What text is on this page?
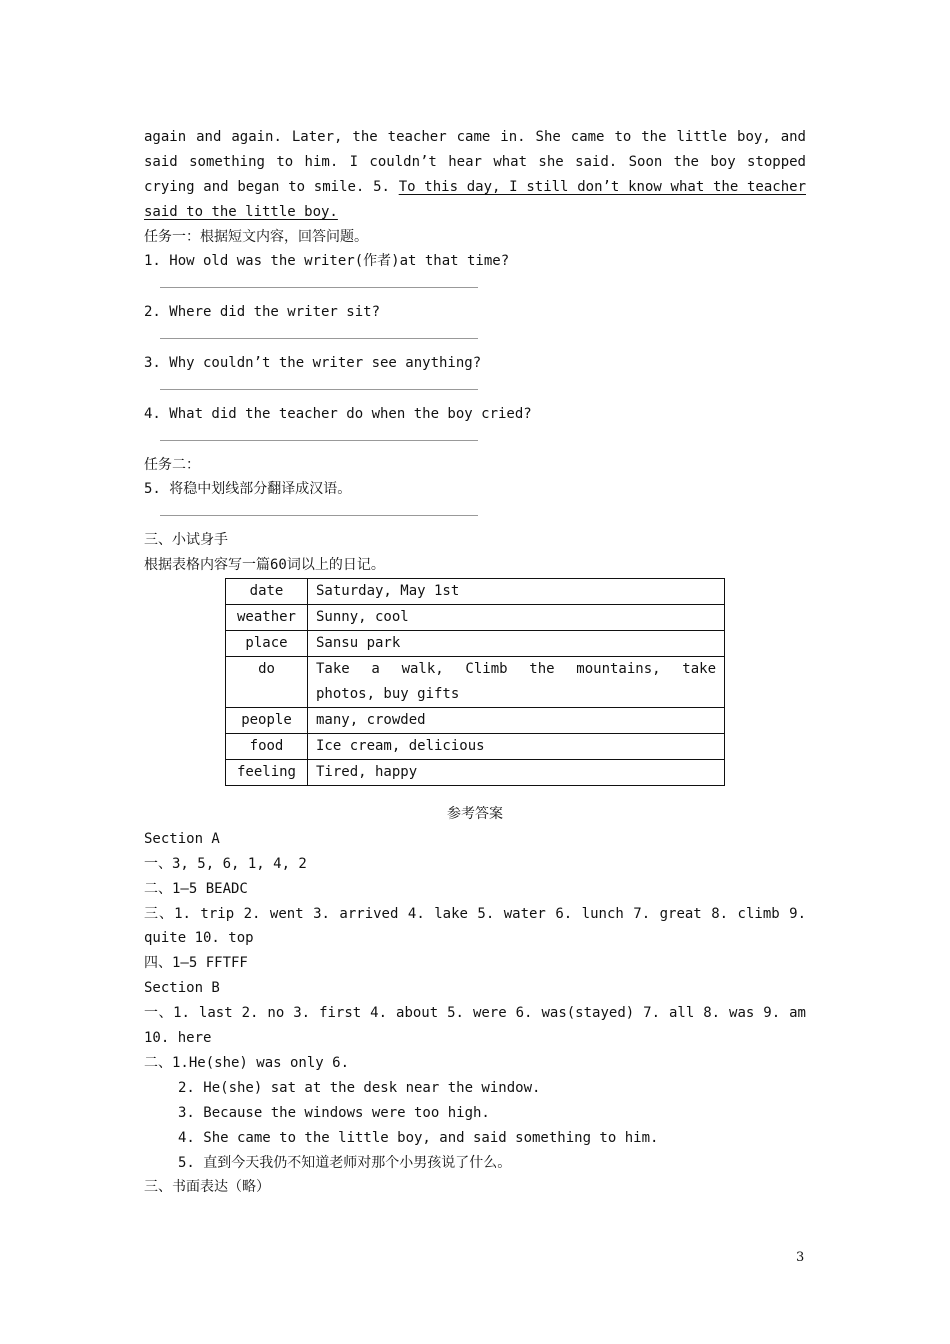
again and again. Later, the teacher came in. She came to the little boy, and
said something to him. I couldn’t hear what she said. Soon the boy stopped
crying and began to smile. 5. To this day, I still don’t know what the teacher
said to the little boy.
任务一：根据短文内容，回答问题。
1. How old was the writer(作者)at that time?
2. Where did the writer sit?
3. Why couldn’t the writer see anything?
4. What did the teacher do when the boy cried?
任务二：
5. 将稳中划线部分翻译成汉语。
三、小试身手
根据表格内容写一篇60词以上的日记。
date	Saturday, May 1st
weather	Sunny, cool
place	Sansu park
do	Take a walk, Climb the mountains, take
photos, buy gifts

people	many, crowded
food	Ice cream, delicious
feeling	Tired, happy
参考答案
Section A
一、3, 5, 6, 1, 4, 2
二、1—5 BEADC
三、1. trip 2. went 3. arrived 4. lake 5. water 6. lunch 7. great 8. climb 9.
quite 10. top
四、1—5 FFTFF
Section B
一、1. last 2. no 3. first 4. about 5. were 6. was(stayed) 7. all 8. was 9. am
10. here
二、1.He(she) was only 6.
2. He(she) sat at the desk near the window.
3. Because the windows were too high.
4. She came to the little boy, and said something to him.
5. 直到今天我仍不知道老师对那个小男孩说了什么。
三、书面表达（略）
3
